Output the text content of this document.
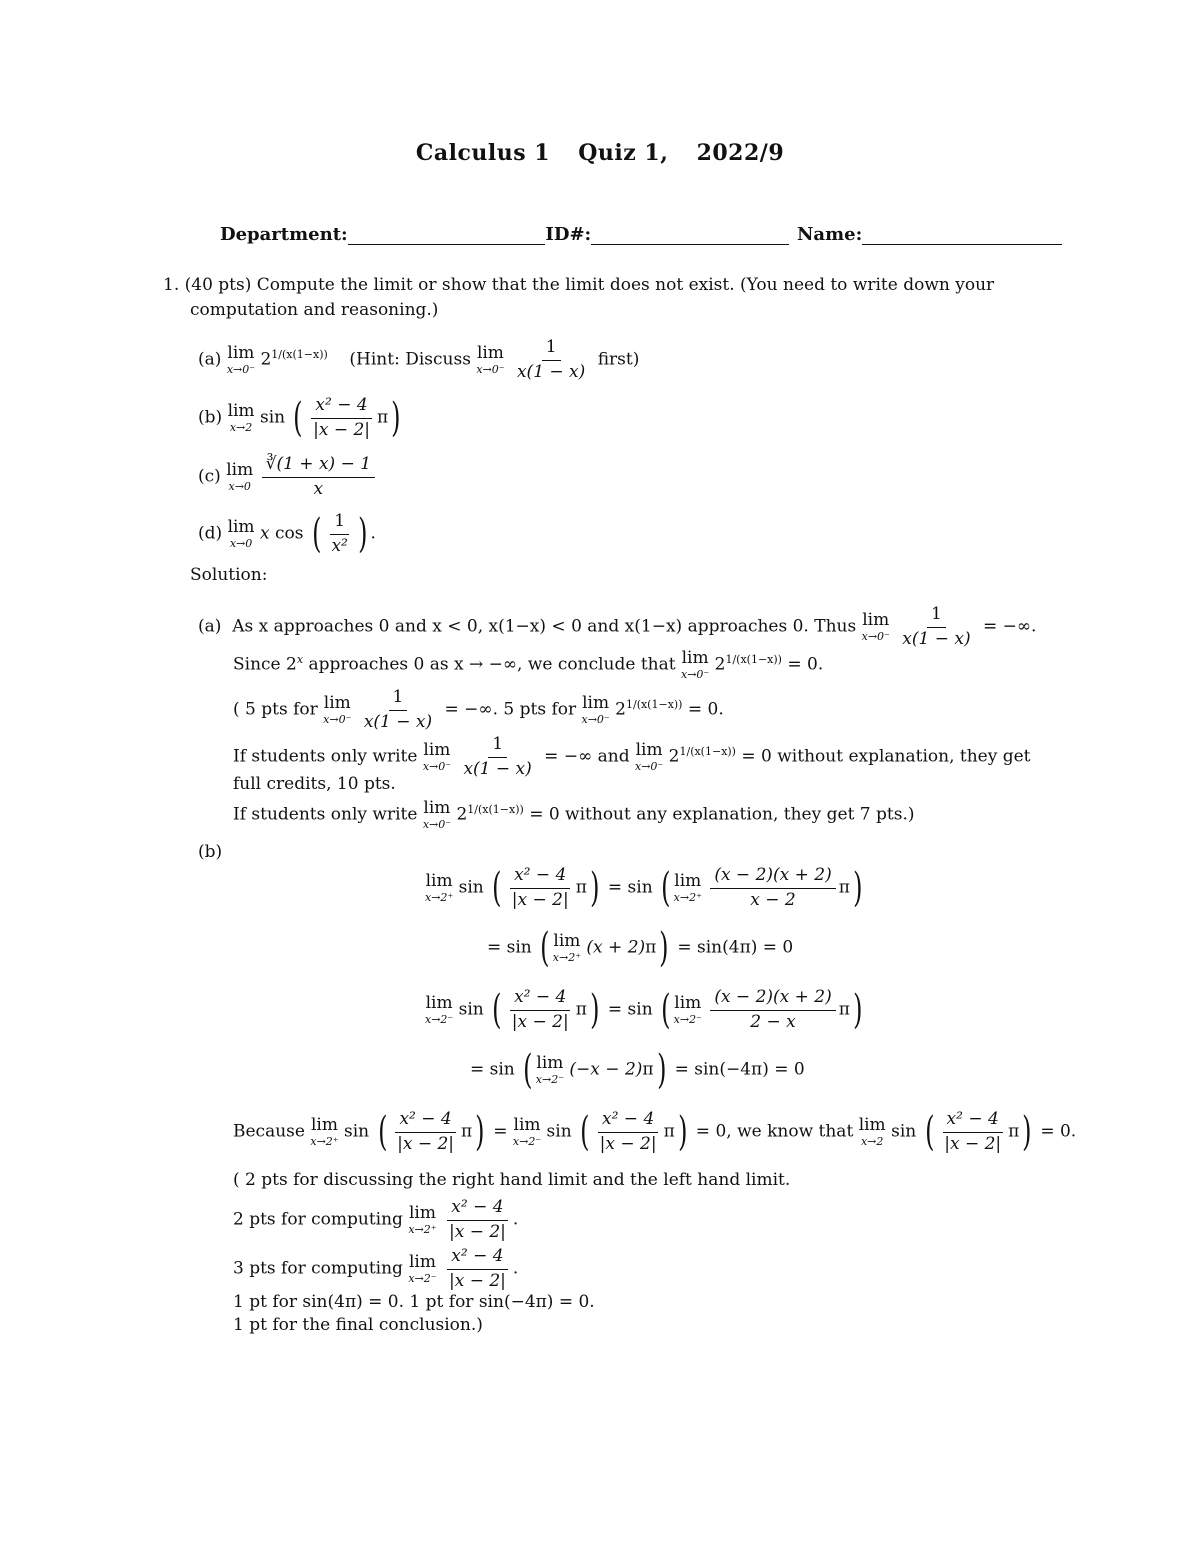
Calculus 1 Quiz 1, 2022/9
Department:	ID#:	Name:
1. (40 pts) Compute the limit or show that the limit does not exist. (You need to write down your
computation and reasoning.)
(a) lim
x→0⁻ $2^{1/(x(1-x))}$ (Hint: Discuss lim
x→0⁻
$\frac{1}{x(1 - x)}$ first)
(b) lim
x→2 sin ( $\frac{\text{x² − 4}}{|x - 2|} \pi$)
(c) lim
x→0
$\frac{∛(1 + x) - 1}{x}$
(d) lim
x→0 x cos ( $\frac{1}{\text{x²}}$ ) .
Solution:
(a) As x approaches 0 and x < 0, x(1−x) < 0 and x(1−x) approaches 0. Thus lim
x→0⁻
$\frac{1}{x(1 - x)}$ = −∞.
Since 2$^x$ approaches 0 as x → −∞, we conclude that lim
x→0⁻ $2^{1/(x(1-x))} = 0$.
( 5 pts for lim
x→0⁻
$\frac{1}{x(1 - x)}$ = −∞. 5 pts for lim
x→0⁻ $2^{1/(x(1-x))} = 0$.
If students only write lim
x→0⁻
$\frac{1}{x(1 - x)}$ = −∞ and lim
x→0⁻ $2^{1/(x(1-x))} = 0$ without explanation, they get
full credits, 10 pts.
If students only write lim
x→0⁻ $2^{1/(x(1-x))} = 0$ without any explanation, they get 7 pts.)
(b)
lim
x→2⁺ sin ( $\frac{\text{x² − 4}}{|x - 2|} \pi) = \sin$ ( lim
x→2⁺
$\frac{(x - 2)(x + 2)}{x - 2} \pi$)
= sin ( lim
x→2⁺ (x + 2)π) = sin(4π) = 0
lim
x→2⁻ sin ( $\frac{\text{x² − 4}}{|x - 2|} \pi) = \sin$ ( lim
x→2⁻
$\frac{(x - 2)(x + 2)}{2 - x} \pi$)
= sin ( lim
x→2⁻ (−x − 2)π) = sin(−4π) = 0
Because lim
x→2⁺ sin ( $\frac{\text{x² − 4}}{|x - 2|} \pi) = \lim$
x→2⁻ sin ( $\frac{\text{x² − 4}}{|x - 2|} \pi) = 0$, we know that lim
x→2 sin ( $\frac{\text{x² − 4}}{|x - 2|} \pi) = 0$.
( 2 pts for discussing the right hand limit and the left hand limit.
2 pts for computing lim
x→2⁺
$\frac{\text{x² − 4}}{|x - 2|}$ .
3 pts for computing lim
x→2⁻
$\frac{\text{x² − 4}}{|x - 2|}$ .
1 pt for sin(4π) = 0. 1 pt for sin(−4π) = 0.
1 pt for the final conclusion.)
